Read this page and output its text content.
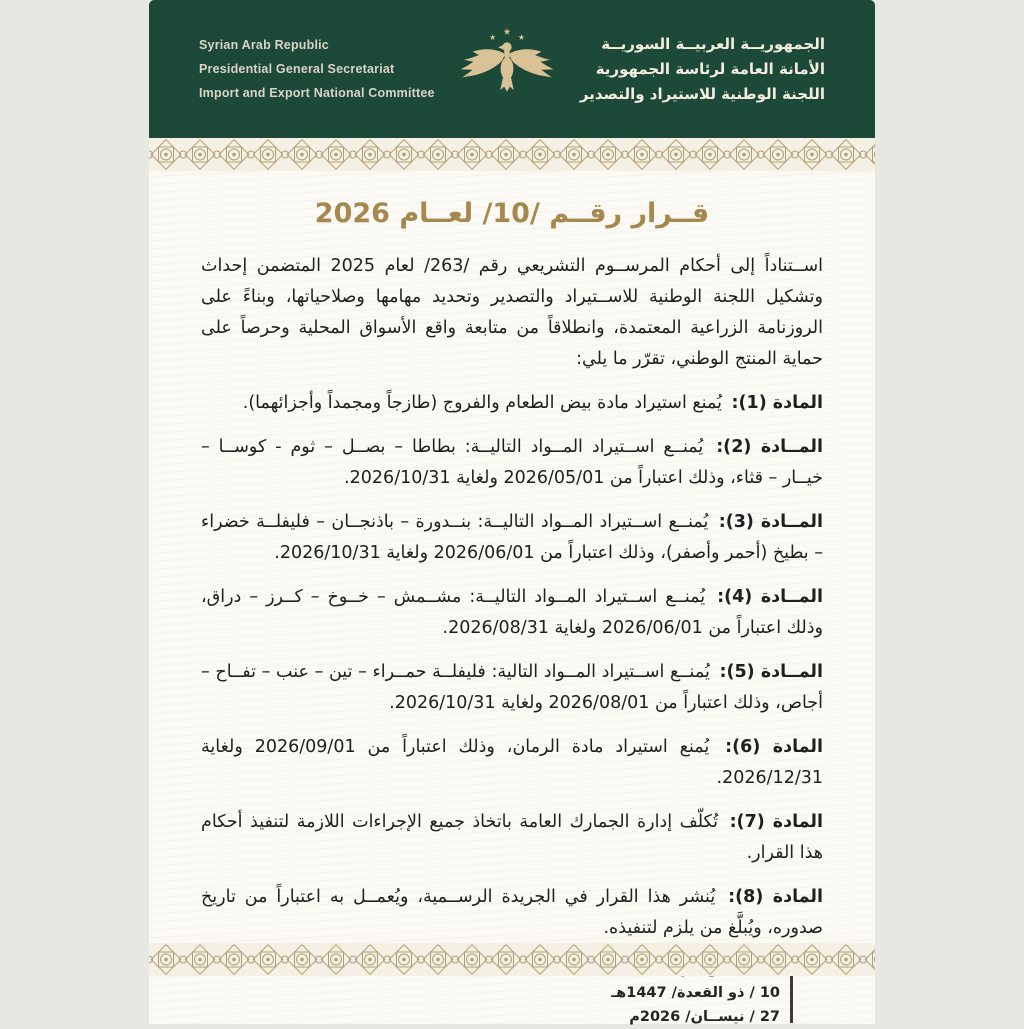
Syrian Arab Republic
Presidential General Secretariat
Import and Export National Committee
الجمهوريــة العربيــة السوريــة
الأمانة العامة لرئاسة الجمهورية
اللجنة الوطنية للاستيراد والتصدير
قــرار رقــم /10/ لعــام 2026

اســتناداً إلى أحكام المرســوم التشريعي رقم /263/ لعام 2025 المتضمن إحداث وتشكيل اللجنة الوطنية للاســتيراد والتصدير وتحديد مهامها وصلاحياتها، وبناءً على الروزنامة الزراعية المعتمدة، وانطلاقاً من متابعة واقع الأسواق المحلية وحرصاً على حماية المنتج الوطني، تقرّر ما يلي:

المادة (1): يُمنع استيراد مادة بيض الطعام والفروج (طازجاً ومجمداً وأجزائهما).

المــادة (2): يُمنــع اســتيراد المــواد التاليــة: بطاطا – بصــل – ثوم - كوســا – خيــار – قثاء، وذلك اعتباراً من 2026/05/01 ولغاية 2026/10/31.

المــادة (3): يُمنــع اســتيراد المــواد التاليــة: بنــدورة – باذنجــان – فليفلــة خضراء – بطيخ (أحمر وأصفر)، وذلك اعتباراً من 2026/06/01 ولغاية 2026/10/31.

المــادة (4): يُمنــع اســتيراد المــواد التاليــة: مشــمش – خــوخ – كــرز – دراق، وذلك اعتباراً من 2026/06/01 ولغاية 2026/08/31.

المــادة (5): يُمنــع اســتيراد المــواد التالية: فليفلــة حمــراء – تين – عنب – تفــاح – أجاص، وذلك اعتباراً من 2026/08/01 ولغاية 2026/10/31.

المادة (6): يُمنع استيراد مادة الرمان، وذلك اعتباراً من 2026/09/01 ولغاية 2026/12/31.

المادة (7): تُكلّف إدارة الجمارك العامة باتخاذ جميع الإجراءات اللازمة لتنفيذ أحكام هذا القرار.

المادة (8): يُنشر هذا القرار في الجريدة الرســمية، ويُعمــل به اعتباراً من تاريخ صدوره، ويُبلَّغ من يلزم لتنفيذه.

10 / ذو القعدة/ 1447هـ
27 / نيســان/ 2026م
